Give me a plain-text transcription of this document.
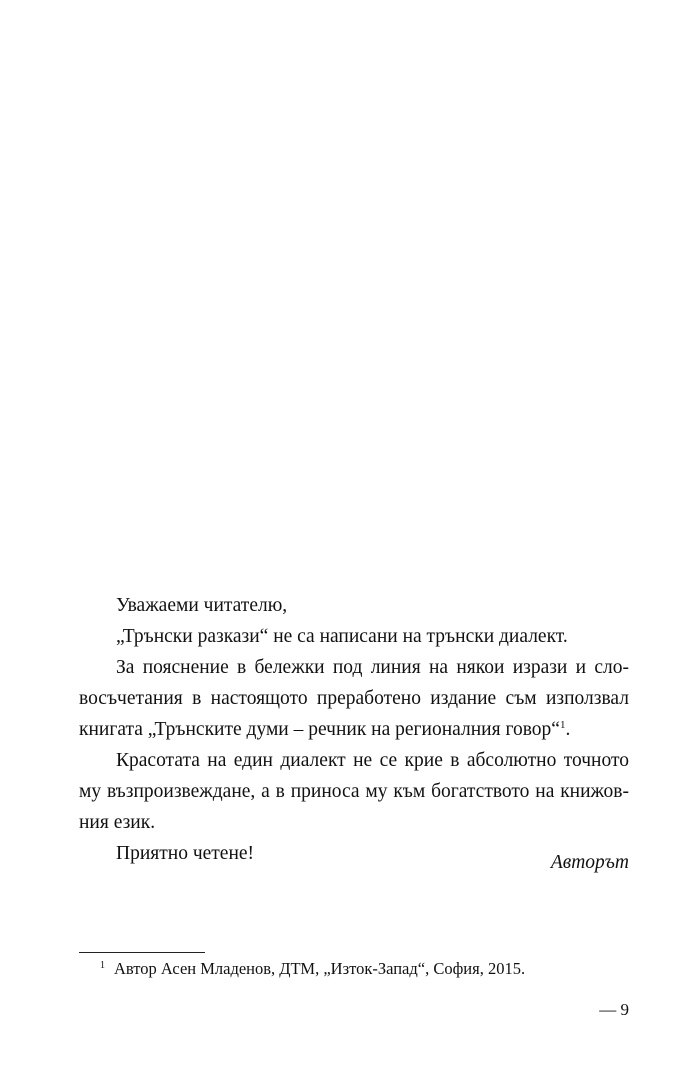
Уважаеми читателю,

„Трънски разкази“ не са написани на трънски диалект.

За пояснение в бележки под линия на някои изрази и сло-
восъчетания в настоящото преработено издание съм използвал
книгата „Трънските думи – речник на регионалния говор“$^1$.

Красотата на един диалект не се крие в абсолютно точното
му възпроизвеждане, а в приноса му към богатството на книжов-
ния език.

Приятно четене!	Авторът
$^1$ Автор Асен Младенов, ДТМ, „Изток-Запад“, София, 2015.
— 9
